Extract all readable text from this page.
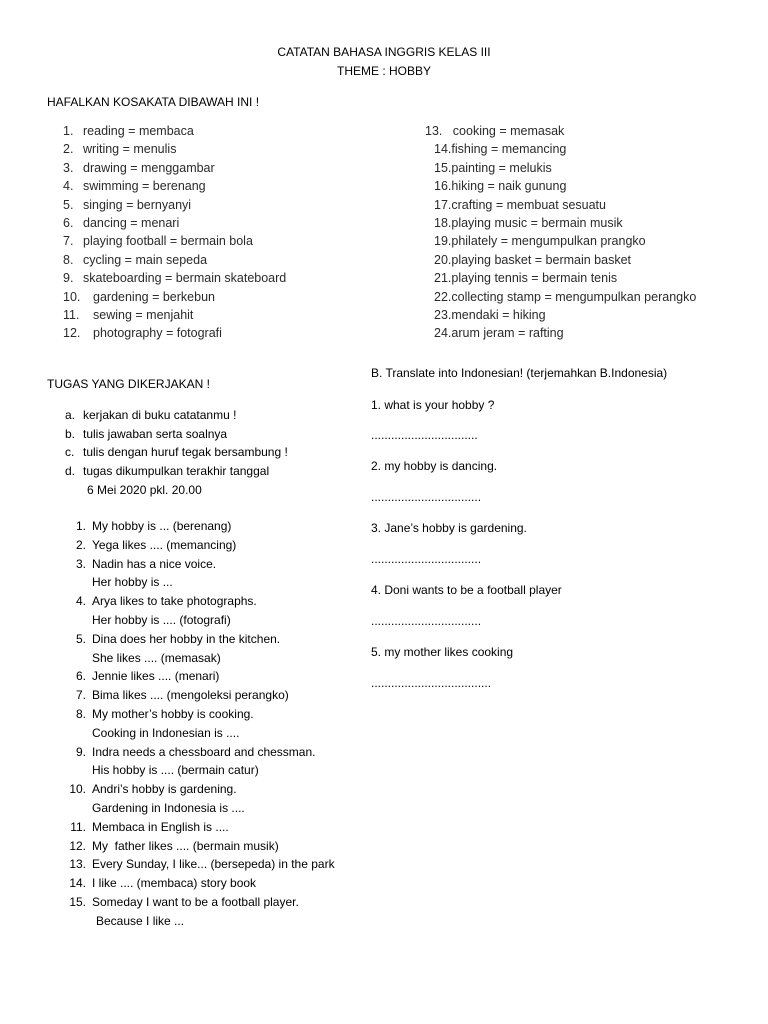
CATATAN BAHASA INGGRIS KELAS III
THEME : HOBBY
HAFALKAN KOSAKATA DIBAWAH INI !
1. reading = membaca
2. writing = menulis
3. drawing = menggambar
4. swimming = berenang
5. singing = bernyanyi
6. dancing = menari
7. playing football = bermain bola
8. cycling = main sepeda
9. skateboarding = bermain skateboard
10. gardening = berkebun
11. sewing = menjahit
12. photography = fotografi
13.   cooking = memasak
14.fishing = memancing
15.painting = melukis
16.hiking = naik gunung
17.crafting = membuat sesuatu
18.playing music = bermain musik
19.philately = mengumpulkan prangko
20.playing basket = bermain basket
21.playing tennis = bermain tenis
22.collecting stamp = mengumpulkan perangko
23.mendaki = hiking
24.arum jeram = rafting
TUGAS YANG DIKERJAKAN !
a. kerjakan di buku catatanmu !
b. tulis jawaban serta soalnya
c. tulis dengan huruf tegak bersambung !
d. tugas dikumpulkan terakhir tanggal
6 Mei 2020 pkl. 20.00
1. My hobby is ... (berenang)
2. Yega likes .... (memancing)
3. Nadin has a nice voice.
Her hobby is ...
4. Arya likes to take photographs.
Her hobby is .... (fotografi)
5. Dina does her hobby in the kitchen.
She likes .... (memasak)
6. Jennie likes .... (menari)
7. Bima likes .... (mengoleksi perangko)
8. My mother’s hobby is cooking.
Cooking in Indonesian is ....
9. Indra needs a chessboard and chessman.
His hobby is .... (bermain catur)
10. Andri’s hobby is gardening.
Gardening in Indonesia is ....
11. Membaca in English is ....
12. My  father likes .... (bermain musik)
13. Every Sunday, I like... (bersepeda) in the park
14. I like .... (membaca) story book
15. Someday I want to be a football player.
Because I like ...
B. Translate into Indonesian! (terjemahkan B.Indonesia)
1. what is your hobby ?
................................
2. my hobby is dancing.
.................................
3. Jane’s hobby is gardening.
.................................
4. Doni wants to be a football player
.................................
5. my mother likes cooking
....................................
